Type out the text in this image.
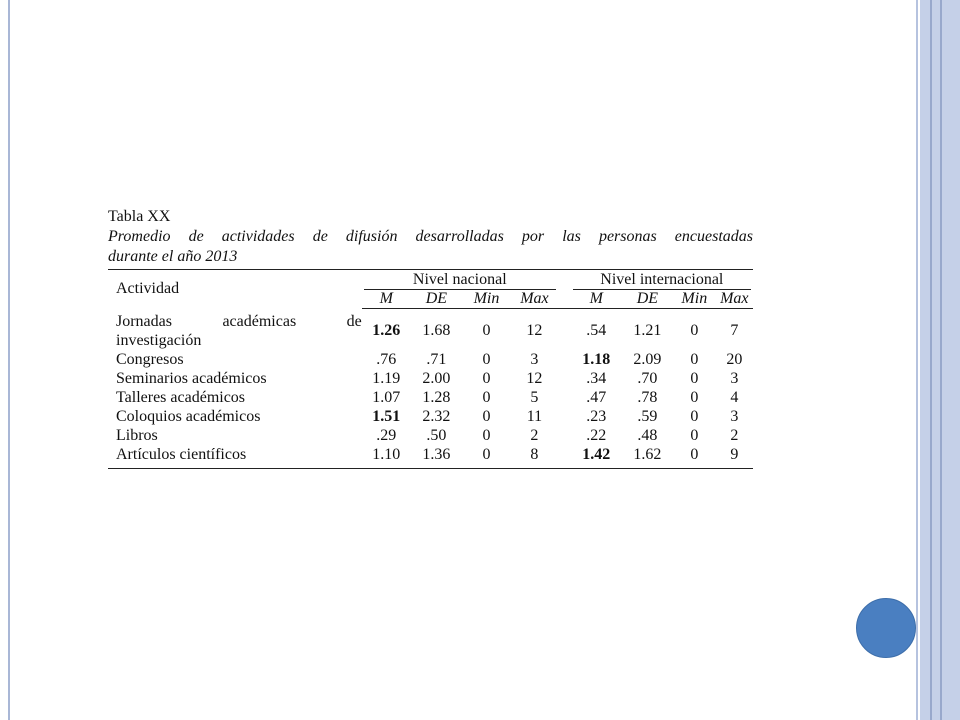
Tabla XX

Promedio de actividades de difusión desarrolladas por las personas encuestadas

durante el año 2013

Actividad	Nivel nacional					Nivel internacional			

	M	DE	Min	Max		M	DE	Min	Max

Jornadas académicas de
investigación	1.26	1.68	0	12		.54	1.21	0	7
Congresos	.76	.71	0	3		1.18	2.09	0	20
Seminarios académicos	1.19	2.00	0	12		.34	.70	0	3
Talleres académicos	1.07	1.28	0	5		.47	.78	0	4
Coloquios académicos	1.51	2.32	0	11		.23	.59	0	3
Libros	.29	.50	0	2		.22	.48	0	2
Artículos científicos	1.10	1.36	0	8		1.42	1.62	0	9
